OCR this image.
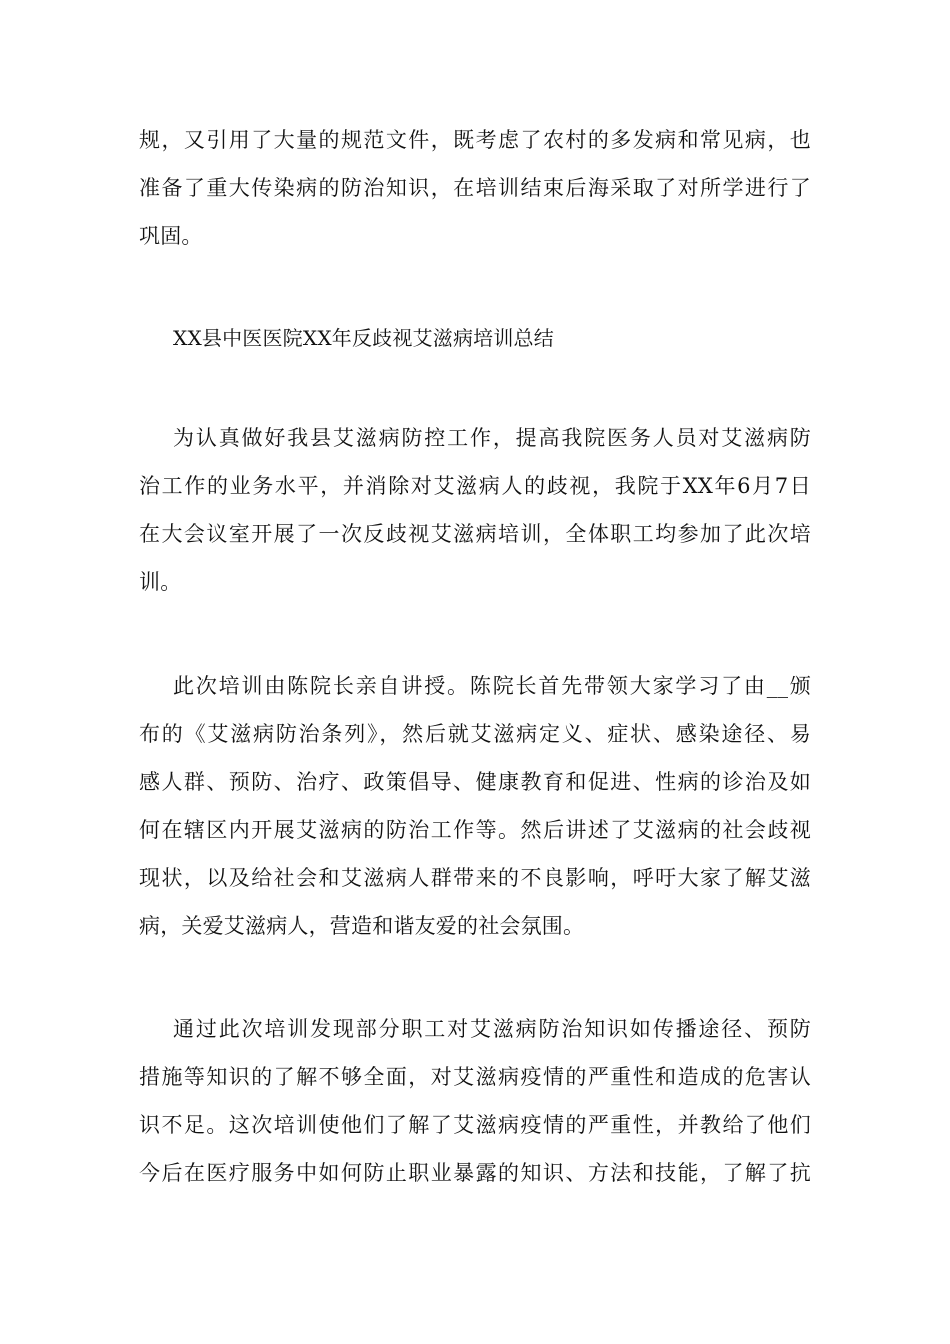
规，又引用了大量的规范文件，既考虑了农村的多发病和常见病，也
准备了重大传染病的防治知识，在培训结束后海采取了对所学进行了
巩固。
XX县中医医院XX年反歧视艾滋病培训总结
为认真做好我县艾滋病防控工作，提高我院医务人员对艾滋病防
治工作的业务水平，并消除对艾滋病人的歧视，我院于XX年6月7日
在大会议室开展了一次反歧视艾滋病培训，全体职工均参加了此次培
训。
此次培训由陈院长亲自讲授。陈院长首先带领大家学习了由__颁
布的《艾滋病防治条列》，然后就艾滋病定义、症状、感染途径、易
感人群、预防、治疗、政策倡导、健康教育和促进、性病的诊治及如
何在辖区内开展艾滋病的防治工作等。然后讲述了艾滋病的社会歧视
现状，以及给社会和艾滋病人群带来的不良影响，呼吁大家了解艾滋
病，关爱艾滋病人，营造和谐友爱的社会氛围。
通过此次培训发现部分职工对艾滋病防治知识如传播途径、预防
措施等知识的了解不够全面，对艾滋病疫情的严重性和造成的危害认
识不足。这次培训使他们了解了艾滋病疫情的严重性，并教给了他们
今后在医疗服务中如何防止职业暴露的知识、方法和技能，了解了抗
